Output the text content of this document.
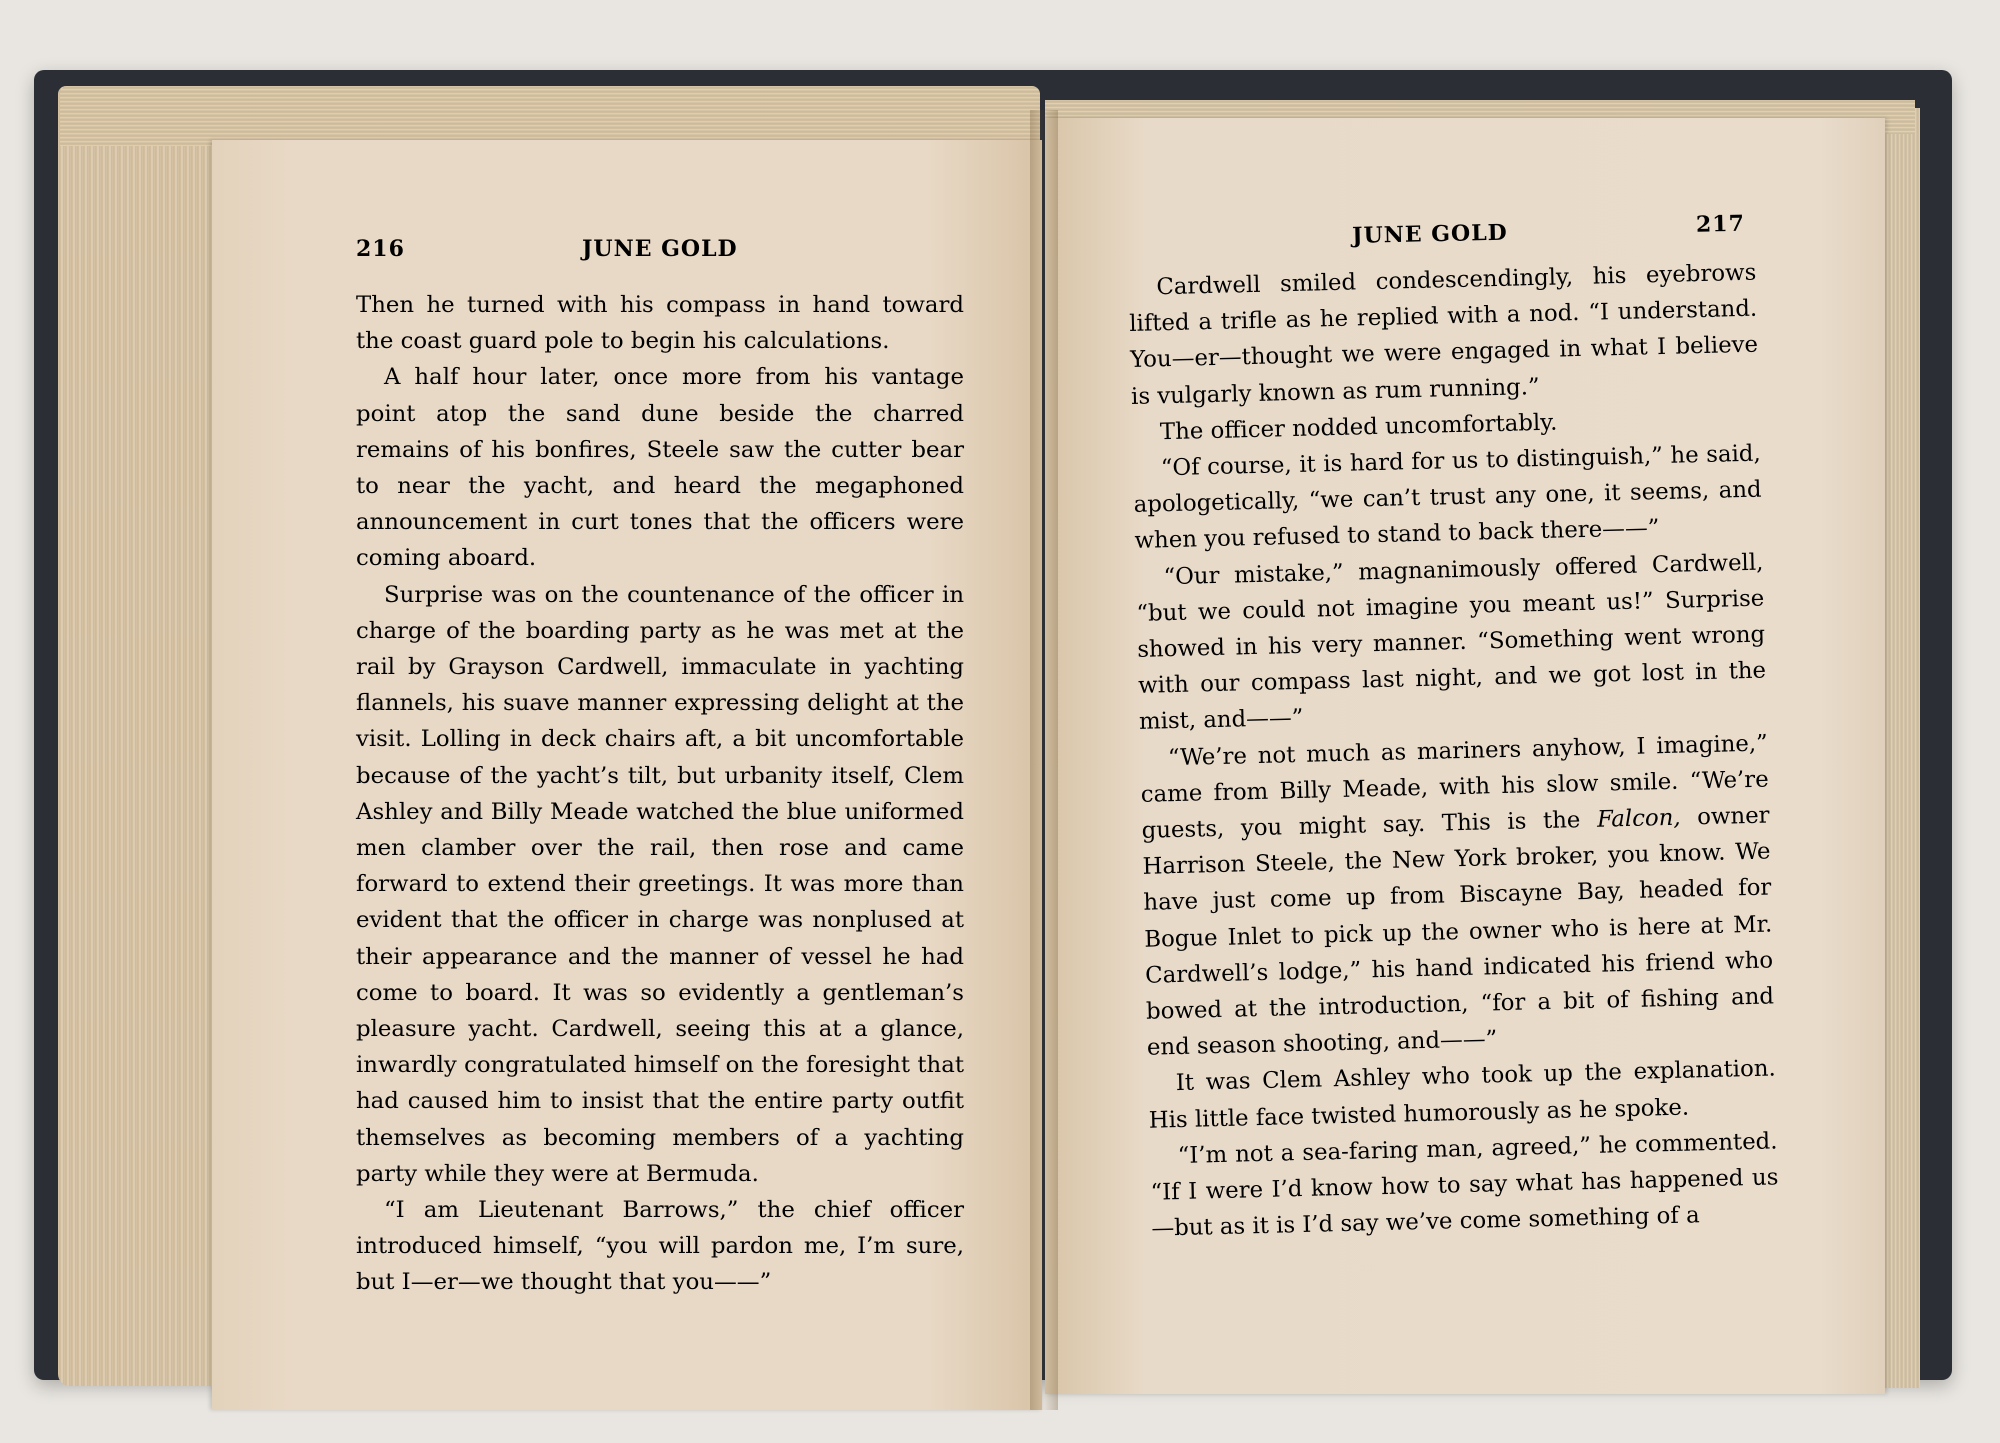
216	JUNE GOLD

Then he turned with his compass in hand toward the coast guard pole to begin his calculations.

A half hour later, once more from his vantage point atop the sand dune beside the charred remains of his bonfires, Steele saw the cutter bear to near the yacht, and heard the megaphoned announcement in curt tones that the officers were coming aboard.

Surprise was on the countenance of the officer in charge of the boarding party as he was met at the rail by Grayson Cardwell, immaculate in yachting flannels, his suave manner expressing delight at the visit. Lolling in deck chairs aft, a bit uncomfortable because of the yacht’s tilt, but urbanity itself, Clem Ashley and Billy Meade watched the blue uniformed men clamber over the rail, then rose and came forward to extend their greetings. It was more than evident that the officer in charge was nonplused at their appearance and the manner of vessel he had come to board. It was so evidently a gentleman’s pleasure yacht. Cardwell, seeing this at a glance, inwardly congratulated himself on the foresight that had caused him to insist that the entire party outfit themselves as becoming members of a yachting party while they were at Bermuda.

“I am Lieutenant Barrows,” the chief officer introduced himself, “you will pardon me, I’m sure, but I—er—we thought that you——”

JUNE GOLD	217

Cardwell smiled condescendingly, his eyebrows lifted a trifle as he replied with a nod. “I understand. You—er—thought we were engaged in what I believe is vulgarly known as rum running.”

The officer nodded uncomfortably.

“Of course, it is hard for us to distinguish,” he said, apologetically, “we can’t trust any one, it seems, and when you refused to stand to back there——”

“Our mistake,” magnanimously offered Cardwell, “but we could not imagine you meant us!” Surprise showed in his very manner. “Something went wrong with our compass last night, and we got lost in the mist, and——”

“We’re not much as mariners anyhow, I imagine,” came from Billy Meade, with his slow smile. “We’re guests, you might say. This is the Falcon, owner Harrison Steele, the New York broker, you know. We have just come up from Biscayne Bay, headed for Bogue Inlet to pick up the owner who is here at Mr. Cardwell’s lodge,” his hand indicated his friend who bowed at the introduction, “for a bit of fishing and end season shooting, and——”

It was Clem Ashley who took up the explanation. His little face twisted humorously as he spoke.

“I’m not a sea-faring man, agreed,” he commented. “If I were I’d know how to say what has happened us—but as it is I’d say we’ve come something of a
